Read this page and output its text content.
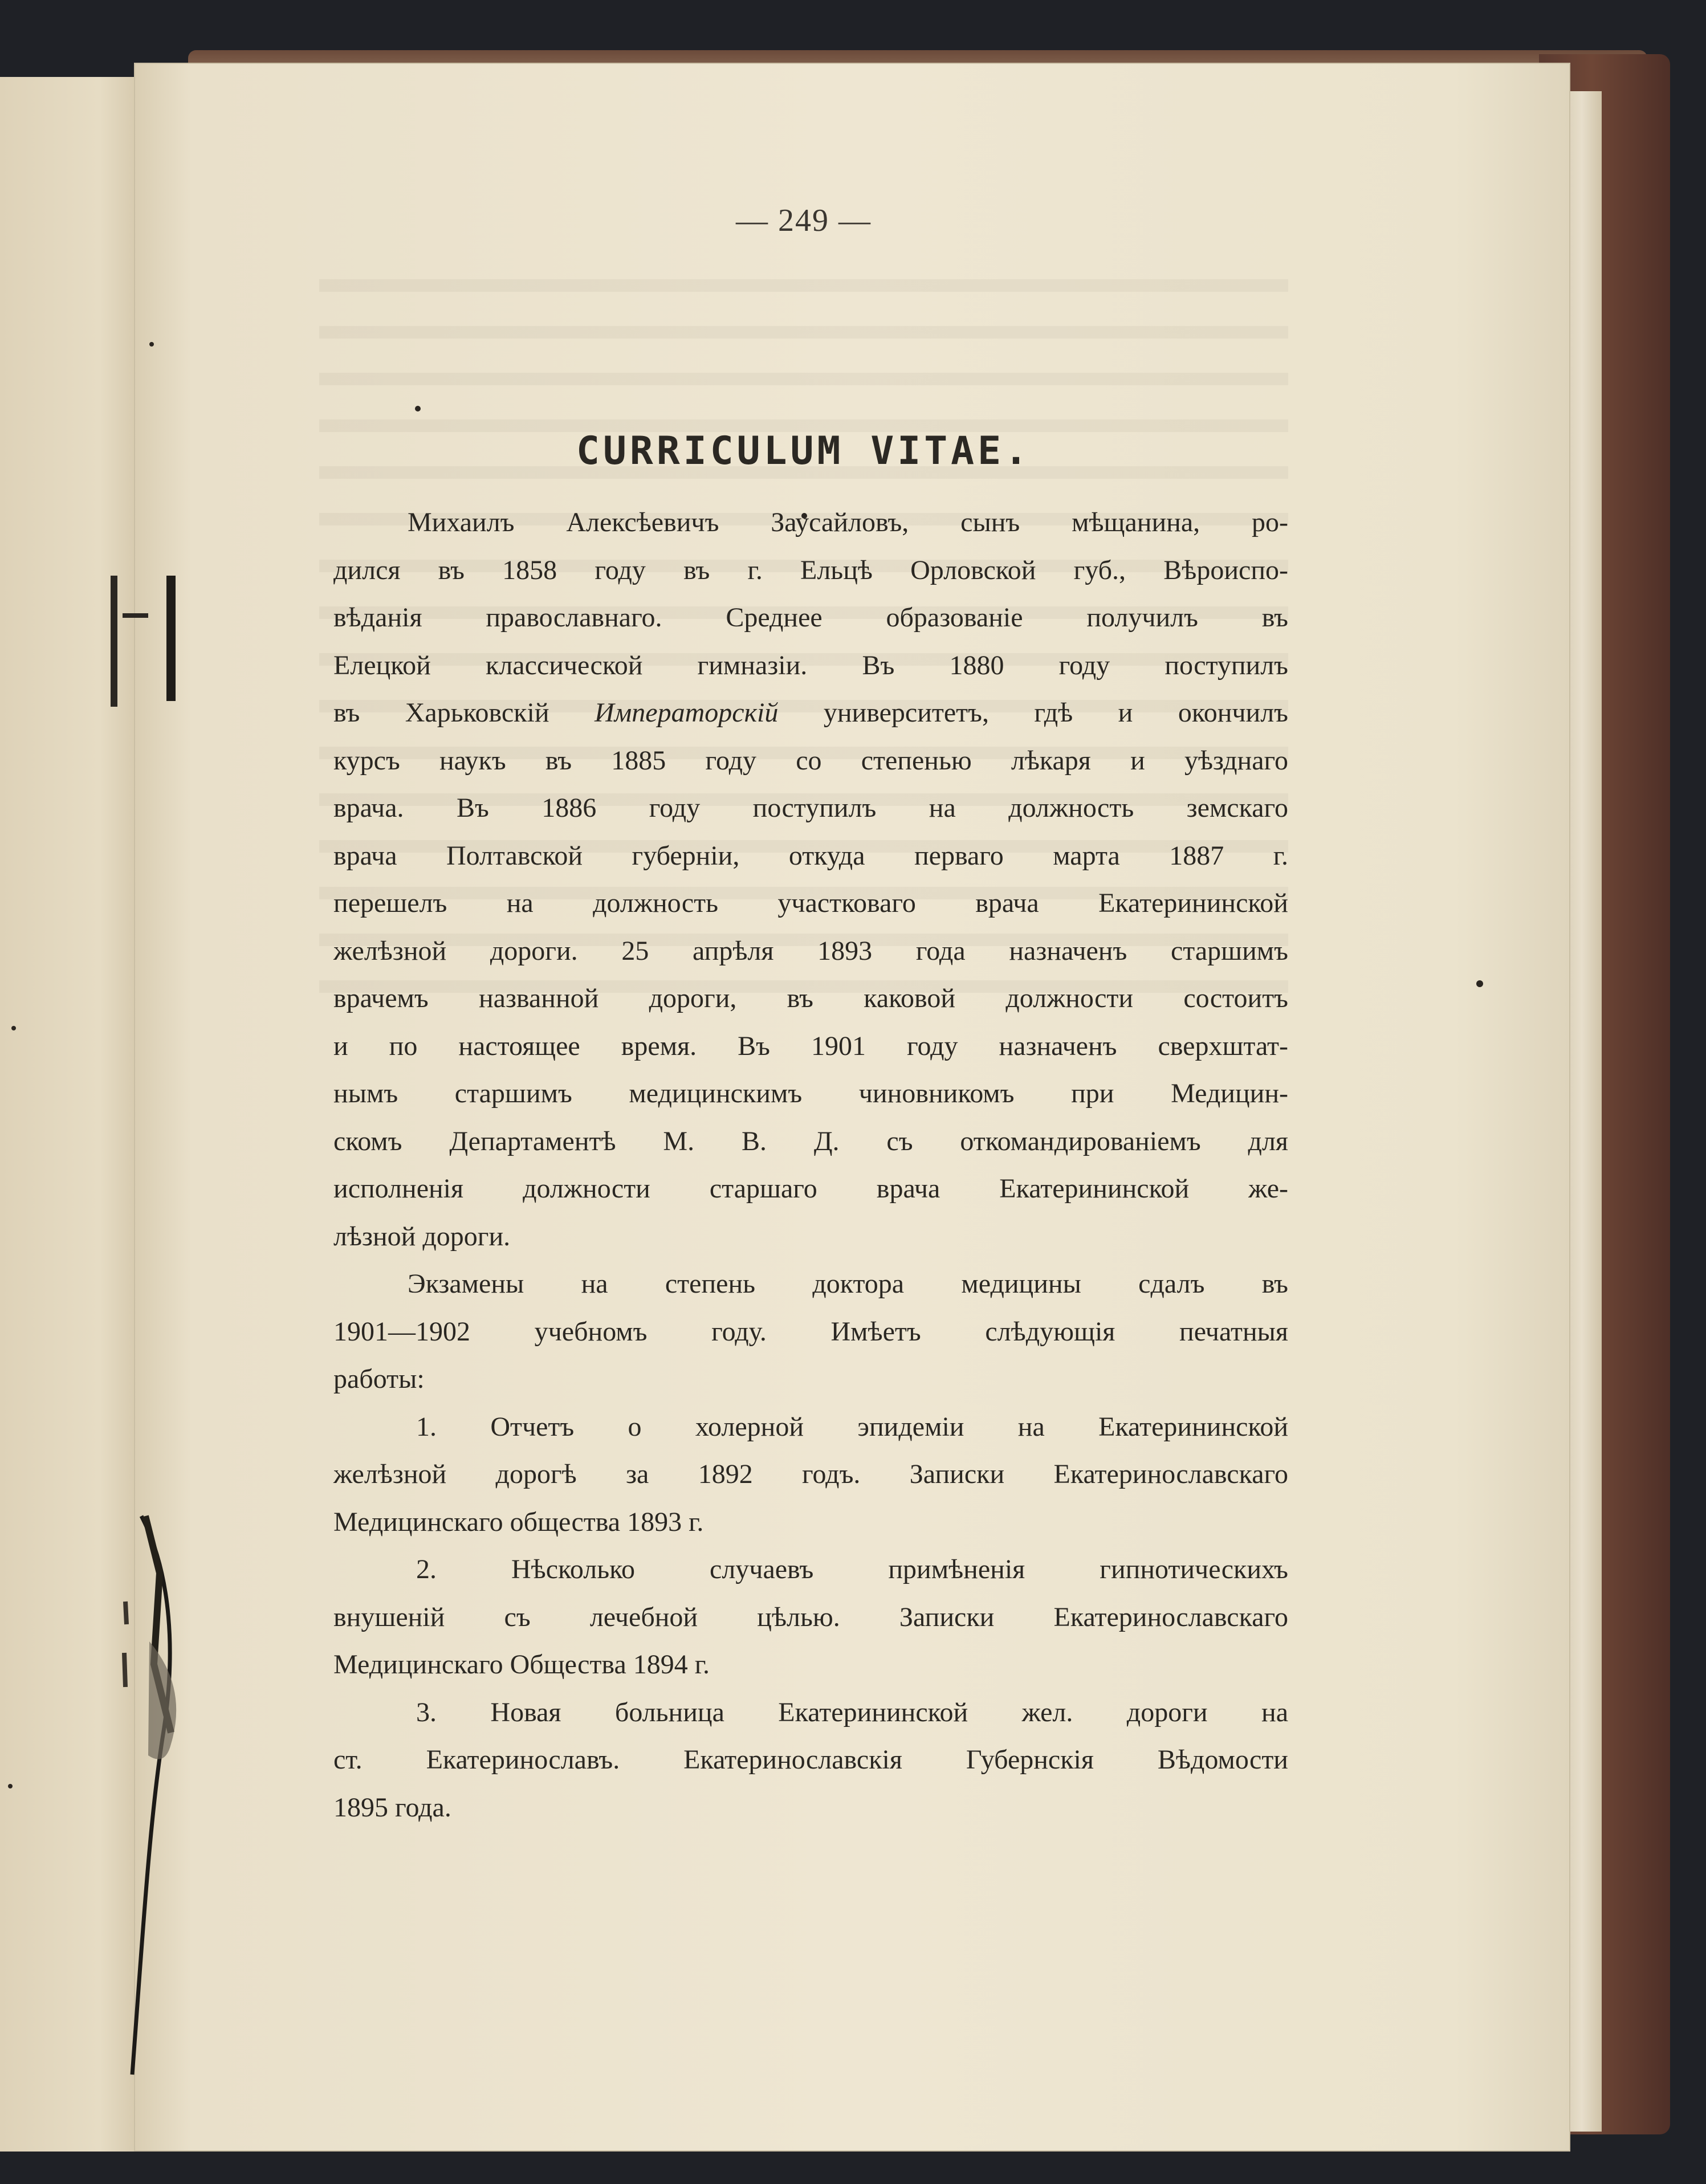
— 249 —
CURRICULUM VITAE.
Михаилъ Алексѣевичъ Заусайловъ, сынъ мѣщанина, ро-
дился въ 1858 году въ г. Ельцѣ Орловской губ., Вѣроиспо-
вѣданія православнаго. Среднее образованіе получилъ въ
Елецкой классической гимназіи. Въ 1880 году поступилъ
въ Харьковскій Императорскій университетъ, гдѣ и окончилъ
курсъ наукъ въ 1885 году со степенью лѣкаря и уѣзднаго
врача. Въ 1886 году поступилъ на должность земскаго
врача Полтавской губерніи, откуда перваго марта 1887 г.
перешелъ на должность участковаго врача Екатерининской
желѣзной дороги. 25 апрѣля 1893 года назначенъ старшимъ
врачемъ названной дороги, въ каковой должности состоитъ
и по настоящее время. Въ 1901 году назначенъ сверхштат-
нымъ старшимъ медицинскимъ чиновникомъ при Медицин-
скомъ Департаментѣ М. В. Д. съ откомандированіемъ для
исполненія должности старшаго врача Екатерининской же-
лѣзной дороги.
Экзамены на степень доктора медицины сдалъ въ
1901—1902 учебномъ году. Имѣетъ слѣдующія печатныя
работы:
1. Отчетъ о холерной эпидеміи на Екатерининской
желѣзной дорогѣ за 1892 годъ. Записки Екатеринославскаго
Медицинскаго общества 1893 г.
2. Нѣсколько случаевъ примѣненія гипнотическихъ
внушеній съ лечебной цѣлью. Записки Екатеринославскаго
Медицинскаго Общества 1894 г.
3. Новая больница Екатерининской жел. дороги на
ст. Екатеринославъ. Екатеринославскія Губернскія Вѣдомости
1895 года.
